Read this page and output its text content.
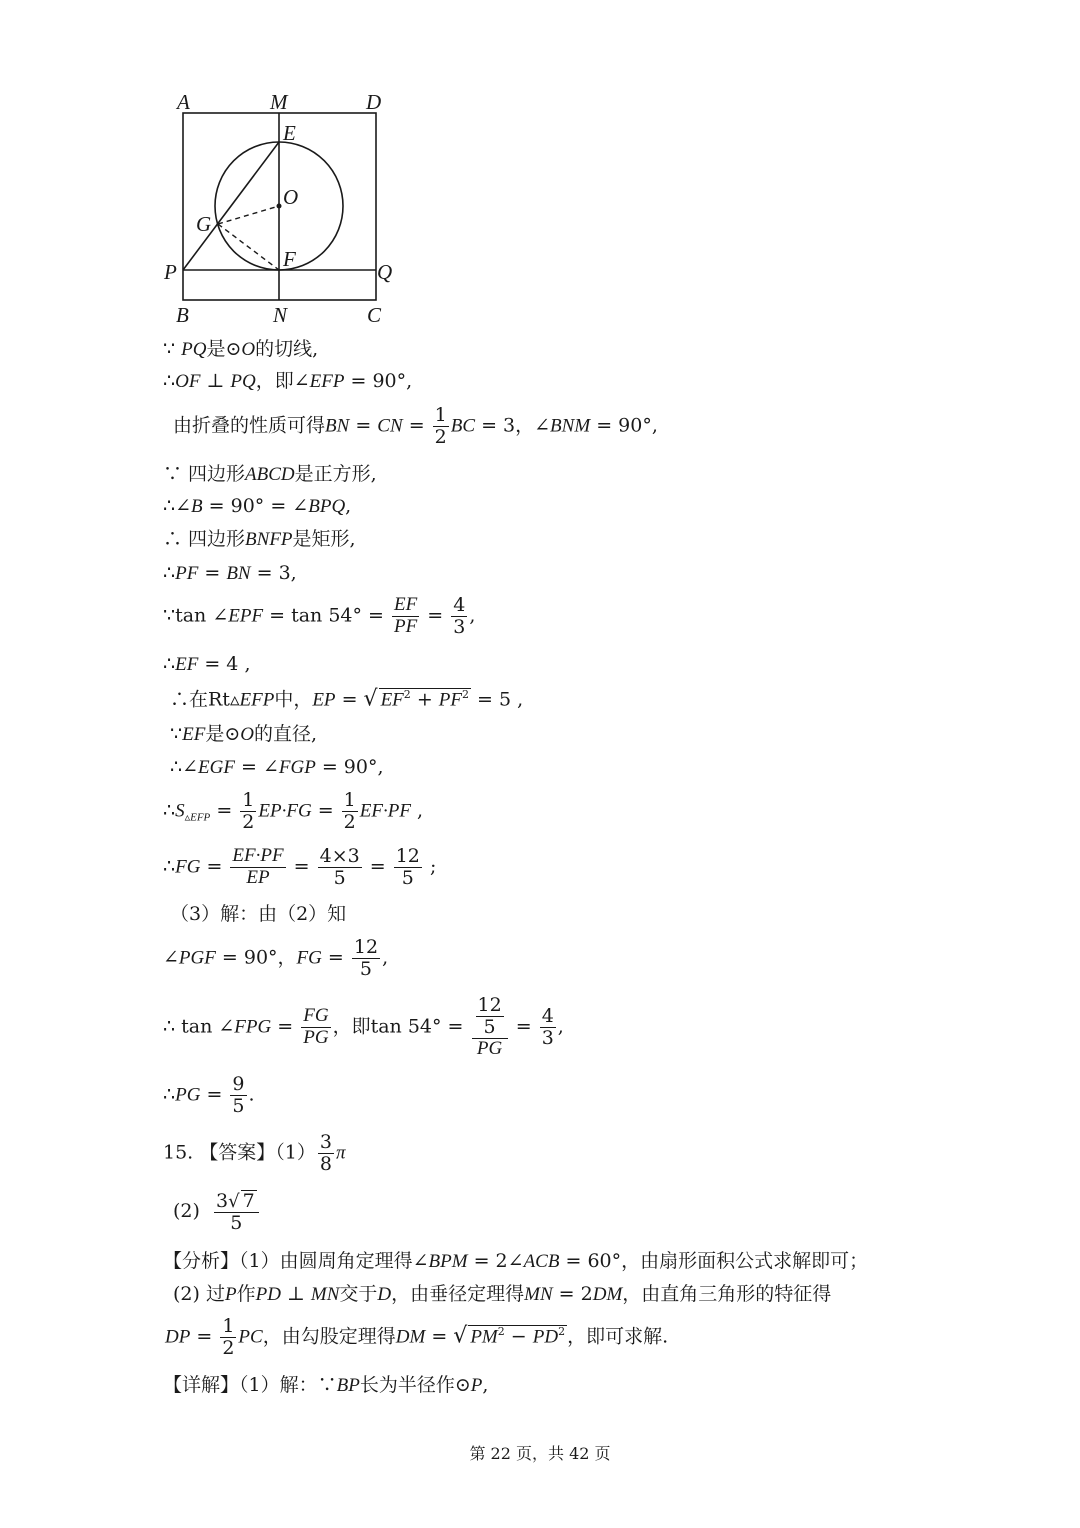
A	M	D
E
O
G
P
F
Q
B	N	C
∵ PQ是⊙O的切线,
∴OF ⊥ PQ，即∠EFP = 90°,
由折叠的性质可得BN = CN = $\frac{1}{2}$ BC = 3，∠BNM = 90°,
∵ 四边形ABCD是正方形,
∴∠B = 90° = ∠BPQ,
∴ 四边形BNFP是矩形,
∴PF = BN = 3,
∵tan ∠EPF = $\tan 54^\circ = \frac{EF}{PF} = \frac{4}{3}$ ,
∴EF = 4 ,
∴在Rt▵EFP中，EP = √ $EF^2 + PF^2 = 5$ ,
∵EF是⊙O的直径,
∴∠EGF = ∠FGP = 90°,
$\therefore S_{▵EFP} = \frac{1}{2} EP\cdot FG = \frac{1}{2} EF\cdot PF$ ,
∴FG = $\frac{EF\cdot PF}{EP} = \frac{4\times 3}{5} = \frac{12}{5}$ ;
（3）解：由（2）知
∠PGF = 90°，FG = $\frac{12}{5}$ ,
∴ tan ∠FPG = $\frac{FG}{PG}$ ，即$\tan 54^\circ = \frac{\frac{12}{5}}{PG} = \frac{4}{3}$ ,
∴PG = $\frac{9}{5}$ .
15. 【答案】$(1) \frac{3}{8}$ π
$(2) \frac{3√ 7}{5}$
【分析】（1）由圆周角定理得∠BPM = 2∠ACB = 60°，由扇形面积公式求解即可；
(2) 过P作PD ⊥ MN交于D，由垂径定理得MN = 2DM，由直角三角形的特征得
DP = $\frac{1}{2}$ PC，由勾股定理得DM = √ $PM^2 - PD^2$ ，即可求解.
【详解】（1）解：∵BP长为半径作⊙P,
第 22 页，共 42 页
